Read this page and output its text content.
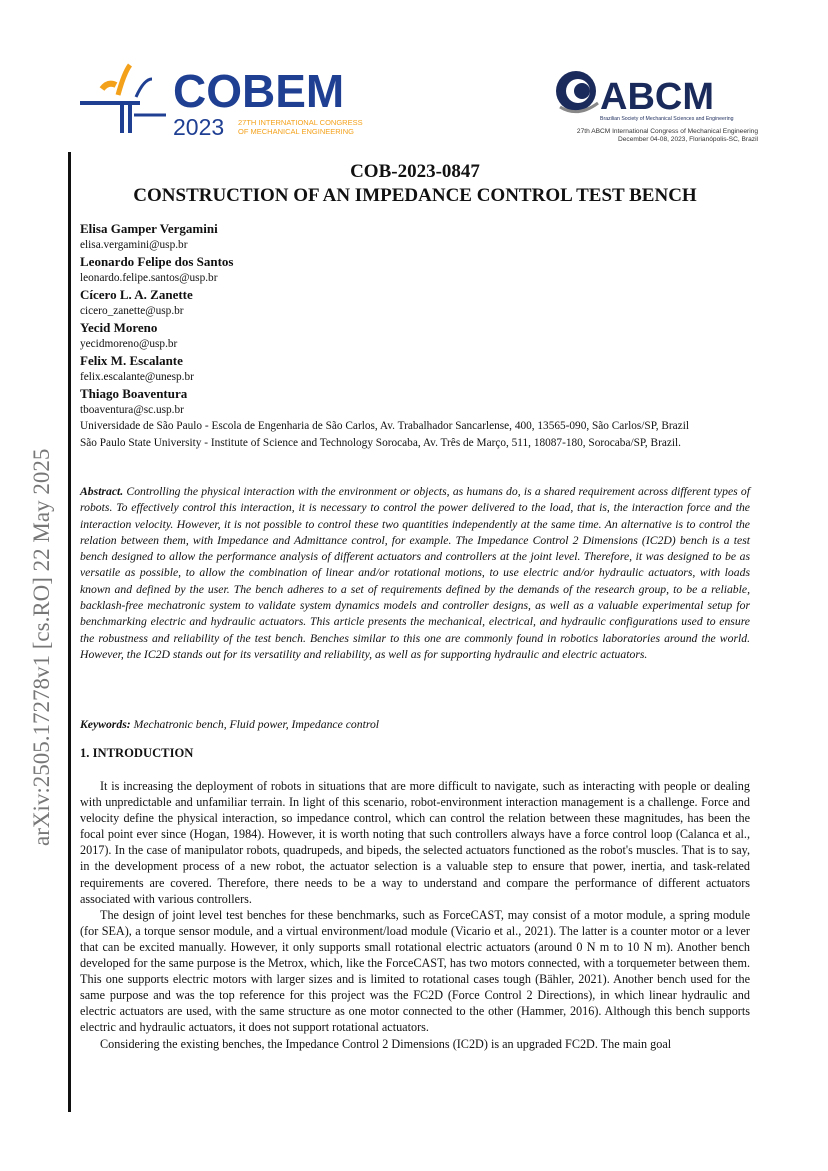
arXiv:2505.17278v1 [cs.RO] 22 May 2025
COBEM
2023 27TH INTERNATIONAL CONGRESS
OF MECHANICAL ENGINEERING
ABCM
Brazilian Society of Mechanical Sciences and Engineering
27th ABCM International Congress of Mechanical Engineering
December 04-08, 2023, Florianópolis-SC, Brazil

COB-2023-0847

CONSTRUCTION OF AN IMPEDANCE CONTROL TEST BENCH

Elisa Gamper Vergamini
elisa.vergamini@usp.br
Leonardo Felipe dos Santos
leonardo.felipe.santos@usp.br
Cícero L. A. Zanette
cicero_zanette@usp.br
Yecid Moreno
yecidmoreno@usp.br
Felix M. Escalante
felix.escalante@unesp.br
Thiago Boaventura
tboaventura@sc.usp.br
Universidade de São Paulo - Escola de Engenharia de São Carlos, Av. Trabalhador Sancarlense, 400, 13565-090, São Carlos/SP, Brazil
São Paulo State University - Institute of Science and Technology Sorocaba, Av. Três de Março, 511, 18087-180, Sorocaba/SP, Brazil.

Abstract. Controlling the physical interaction with the environment or objects, as humans do, is a shared requirement across different types of robots. To effectively control this interaction, it is necessary to control the power delivered to the load, that is, the interaction force and the interaction velocity. However, it is not possible to control these two quantities independently at the same time. An alternative is to control the relation between them, with Impedance and Admittance control, for example. The Impedance Control 2 Dimensions (IC2D) bench is a test bench designed to allow the performance analysis of different actuators and controllers at the joint level. Therefore, it was designed to be as versatile as possible, to allow the combination of linear and/or rotational motions, to use electric and/or hydraulic actuators, with loads known and defined by the user. The bench adheres to a set of requirements defined by the demands of the research group, to be a reliable, backlash-free mechatronic system to validate system dynamics models and controller designs, as well as a valuable experimental setup for benchmarking electric and hydraulic actuators. This article presents the mechanical, electrical, and hydraulic configurations used to ensure the robustness and reliability of the test bench. Benches similar to this one are commonly found in robotics laboratories around the world. However, the IC2D stands out for its versatility and reliability, as well as for supporting hydraulic and electric actuators.

Keywords: Mechatronic bench, Fluid power, Impedance control
1. INTRODUCTION

It is increasing the deployment of robots in situations that are more difficult to navigate, such as interacting with people or dealing with unpredictable and unfamiliar terrain. In light of this scenario, robot-environment interaction management is a challenge. Force and velocity define the physical interaction, so impedance control, which can control the relation between these magnitudes, has been the focal point ever since (Hogan, 1984). However, it is worth noting that such controllers always have a force control loop (Calanca et al., 2017). In the case of manipulator robots, quadrupeds, and bipeds, the selected actuators functioned as the robot's muscles. That is to say, in the development process of a new robot, the actuator selection is a valuable step to ensure that power, inertia, and task-related requirements are covered. Therefore, there needs to be a way to understand and compare the performance of different actuators associated with various controllers.

The design of joint level test benches for these benchmarks, such as ForceCAST, may consist of a motor module, a spring module (for SEA), a torque sensor module, and a virtual environment/load module (Vicario et al., 2021). The latter is a counter motor or a lever that can be excited manually. However, it only supports small rotational electric actuators (around 0 N m to 10 N m). Another bench developed for the same purpose is the Metrox, which, like the ForceCAST, has two motors connected, with a torquemeter between them. This one supports electric motors with larger sizes and is limited to rotational cases tough (Bähler, 2021). Another bench used for the same purpose and was the top reference for this project was the FC2D (Force Control 2 Directions), in which linear hydraulic and electric actuators are used, with the same structure as one motor connected to the other (Hammer, 2016). Although this bench supports electric and hydraulic actuators, it does not support rotational actuators.

Considering the existing benches, the Impedance Control 2 Dimensions (IC2D) is an upgraded FC2D. The main goal
